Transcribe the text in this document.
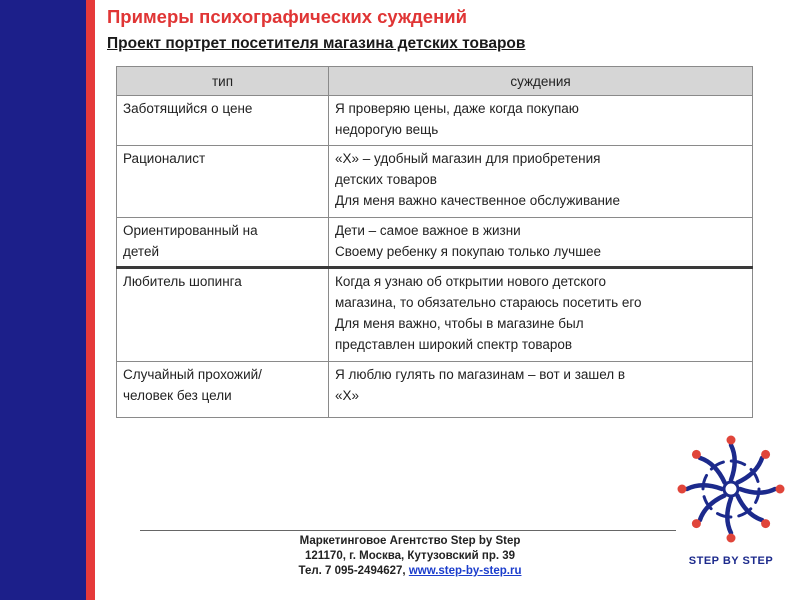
Примеры психографических суждений
Проект портрет посетителя магазина детских товаров
тип	суждения

Заботящийся о цене	Я проверяю цены, даже когда покупаю
недорогую вещь

Рационалист	«Х» – удобный магазин для приобретения
детских товаров
Для меня важно качественное обслуживание

Ориентированный на
детей	Дети – самое важное в жизни
Своему ребенку я покупаю только лучшее

Любитель шопинга	Когда я узнаю об открытии нового детского
магазина, то обязательно стараюсь посетить его
Для меня важно, чтобы в магазине был
представлен широкий спектр товаров

Случайный прохожий/
человек без цели	Я люблю гулять по магазинам – вот и зашел в
«Х»
Маркетинговое Агентство Step by Step
121170, г. Москва, Кутузовский пр. 39
Тел. 7 095-2494627, www.step-by-step.ru
STEP BY STEP
